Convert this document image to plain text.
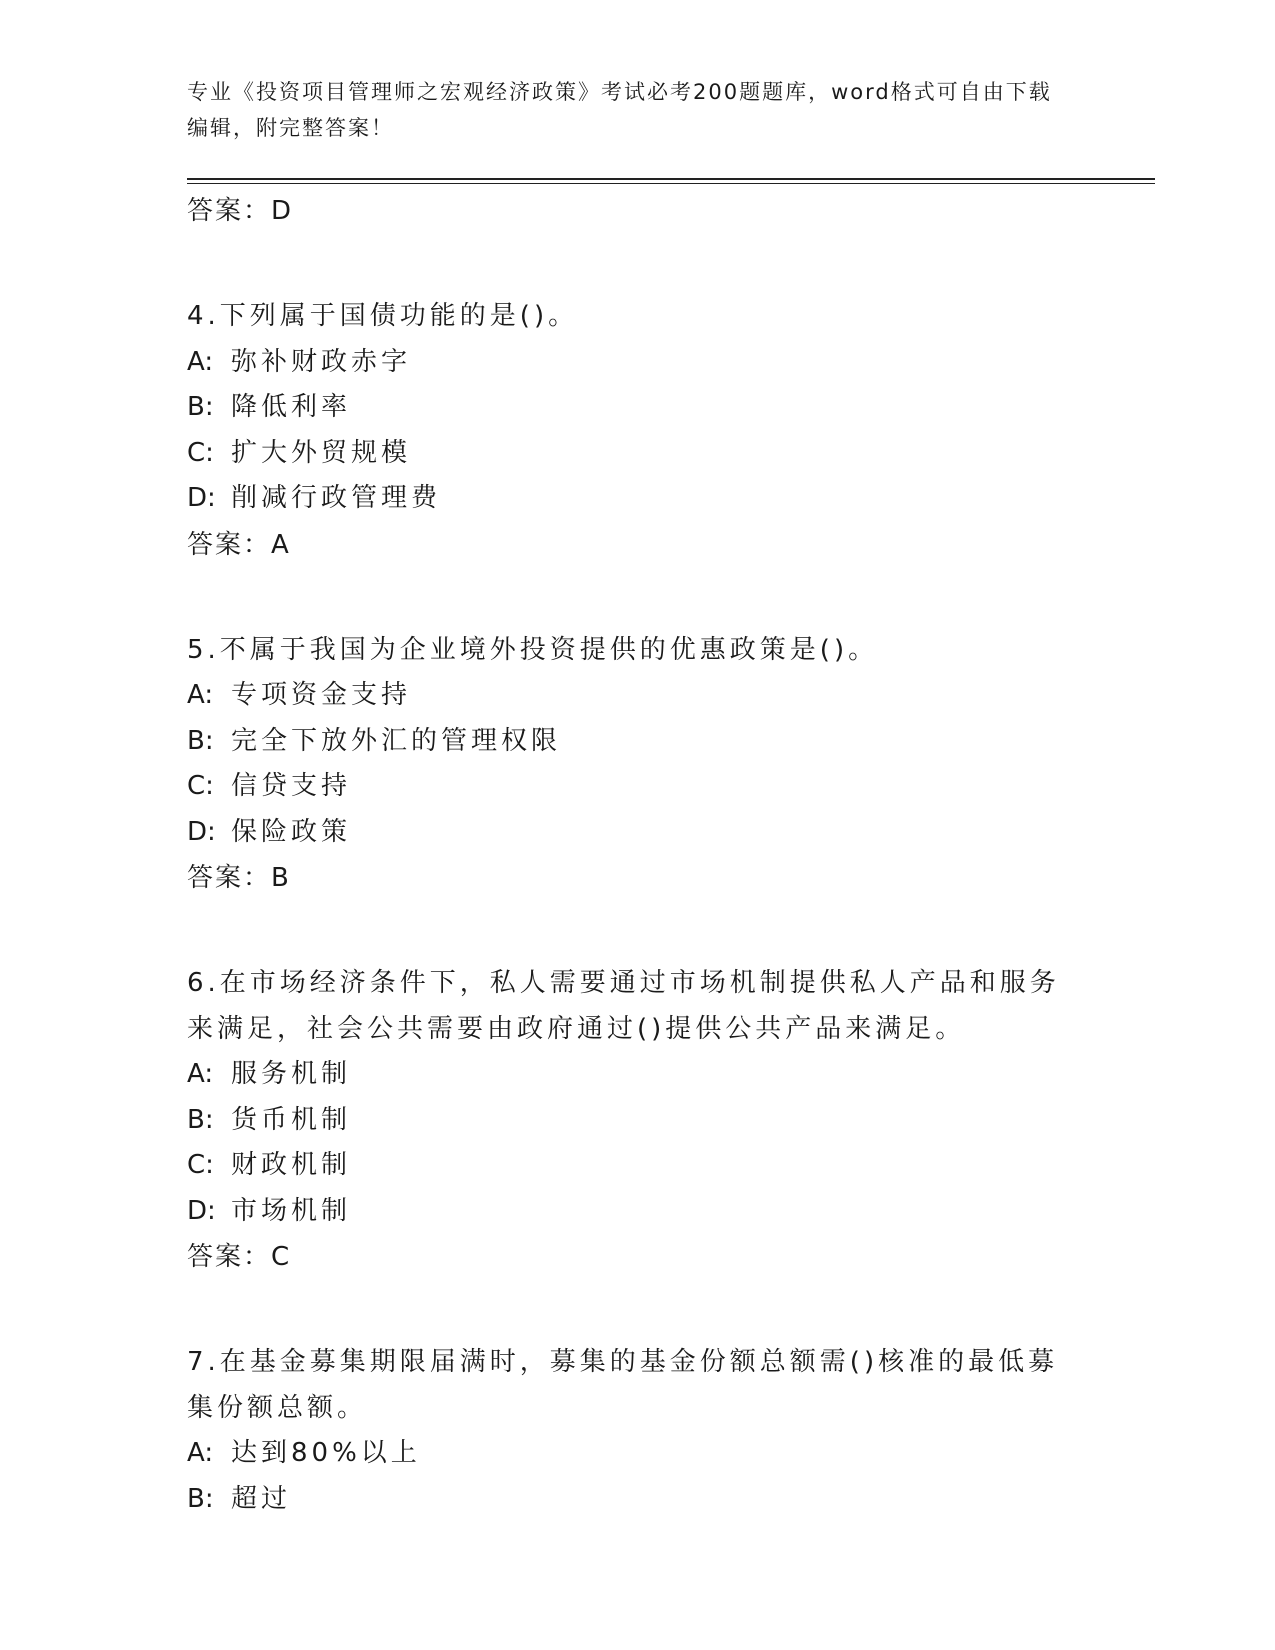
专业《投资项目管理师之宏观经济政策》考试必考200题题库，word格式可自由下载编辑，附完整答案！
答案：D
4.下列属于国债功能的是()。
A: 弥补财政赤字
B: 降低利率
C: 扩大外贸规模
D: 削减行政管理费
答案：A
5.不属于我国为企业境外投资提供的优惠政策是()。
A: 专项资金支持
B: 完全下放外汇的管理权限
C: 信贷支持
D: 保险政策
答案：B
6.在市场经济条件下，私人需要通过市场机制提供私人产品和服务来满足，社会公共需要由政府通过()提供公共产品来满足。
A: 服务机制
B: 货币机制
C: 财政机制
D: 市场机制
答案：C
7.在基金募集期限届满时，募集的基金份额总额需()核准的最低募集份额总额。
A: 达到80%以上
B: 超过
